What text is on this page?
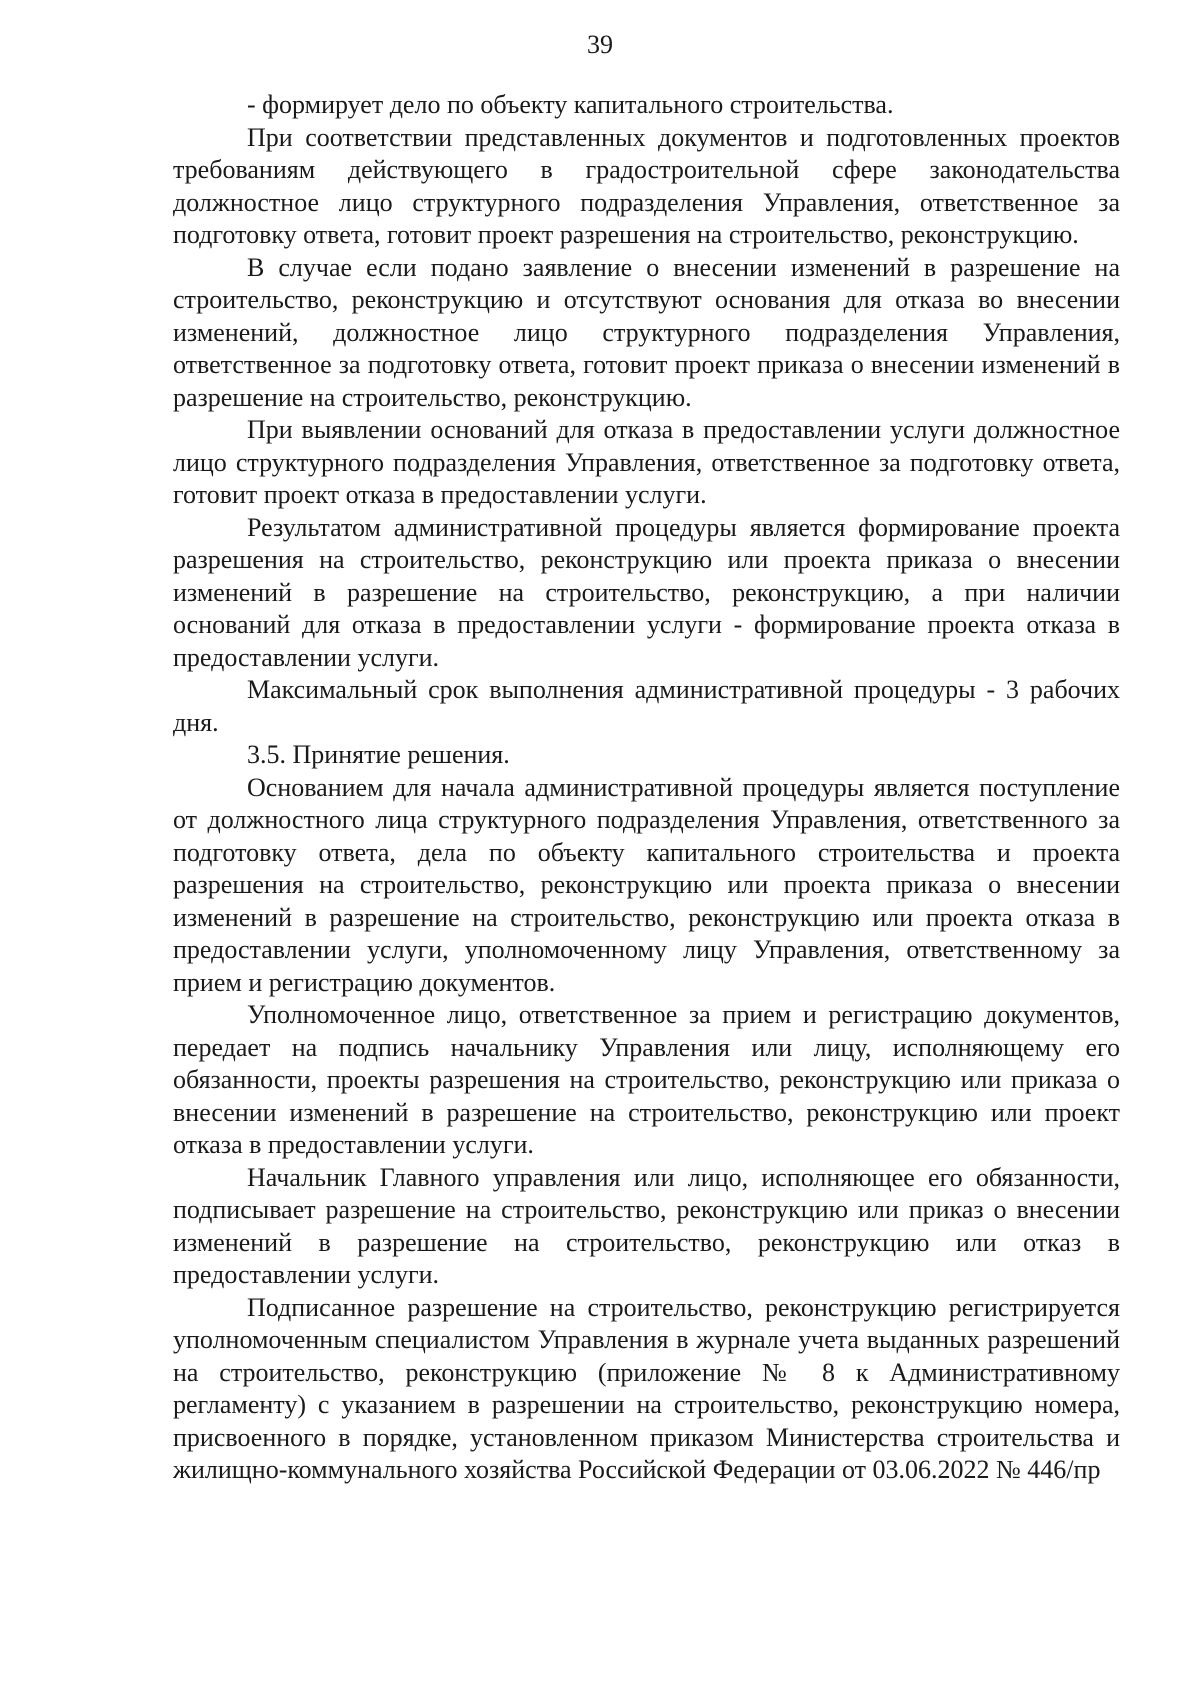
39

- формирует дело по объекту капитального строительства.

При соответствии представленных документов и подготовленных проектов требованиям действующего в градостроительной сфере законодательства должностное лицо структурного подразделения Управления, ответственное за подготовку ответа, готовит проект разрешения на строительство, реконструкцию.

В случае если подано заявление о внесении изменений в разрешение на строительство, реконструкцию и отсутствуют основания для отказа во внесении изменений, должностное лицо структурного подразделения Управления, ответственное за подготовку ответа, готовит проект приказа о внесении изменений в разрешение на строительство, реконструкцию.

При выявлении оснований для отказа в предоставлении услуги должностное лицо структурного подразделения Управления, ответственное за подготовку ответа, готовит проект отказа в предоставлении услуги.

Результатом административной процедуры является формирование проекта разрешения на строительство, реконструкцию или проекта приказа о внесении изменений в разрешение на строительство, реконструкцию, а при наличии оснований для отказа в предоставлении услуги - формирование проекта отказа в предоставлении услуги.

Максимальный срок выполнения административной процедуры - 3 рабочих дня.

3.5. Принятие решения.

Основанием для начала административной процедуры является поступление от должностного лица структурного подразделения Управления, ответственного за подготовку ответа, дела по объекту капитального строительства и проекта разрешения на строительство, реконструкцию или проекта приказа о внесении изменений в разрешение на строительство, реконструкцию или проекта отказа в предоставлении услуги, уполномоченному лицу Управления, ответственному за прием и регистрацию документов.

Уполномоченное лицо, ответственное за прием и регистрацию документов, передает на подпись начальнику Управления или лицу, исполняющему его обязанности, проекты разрешения на строительство, реконструкцию или приказа о внесении изменений в разрешение на строительство, реконструкцию или проект отказа в предоставлении услуги.

Начальник Главного управления или лицо, исполняющее его обязанности, подписывает разрешение на строительство, реконструкцию или приказ о внесении изменений в разрешение на строительство, реконструкцию или отказ в предоставлении услуги.

Подписанное разрешение на строительство, реконструкцию регистрируется уполномоченным специалистом Управления в журнале учета выданных разрешений на строительство, реконструкцию (приложение № 8 к Административному регламенту) с указанием в разрешении на строительство, реконструкцию номера, присвоенного в порядке, установленном приказом Министерства строительства и жилищно-коммунального хозяйства Российской Федерации от 03.06.2022 № 446/пр
